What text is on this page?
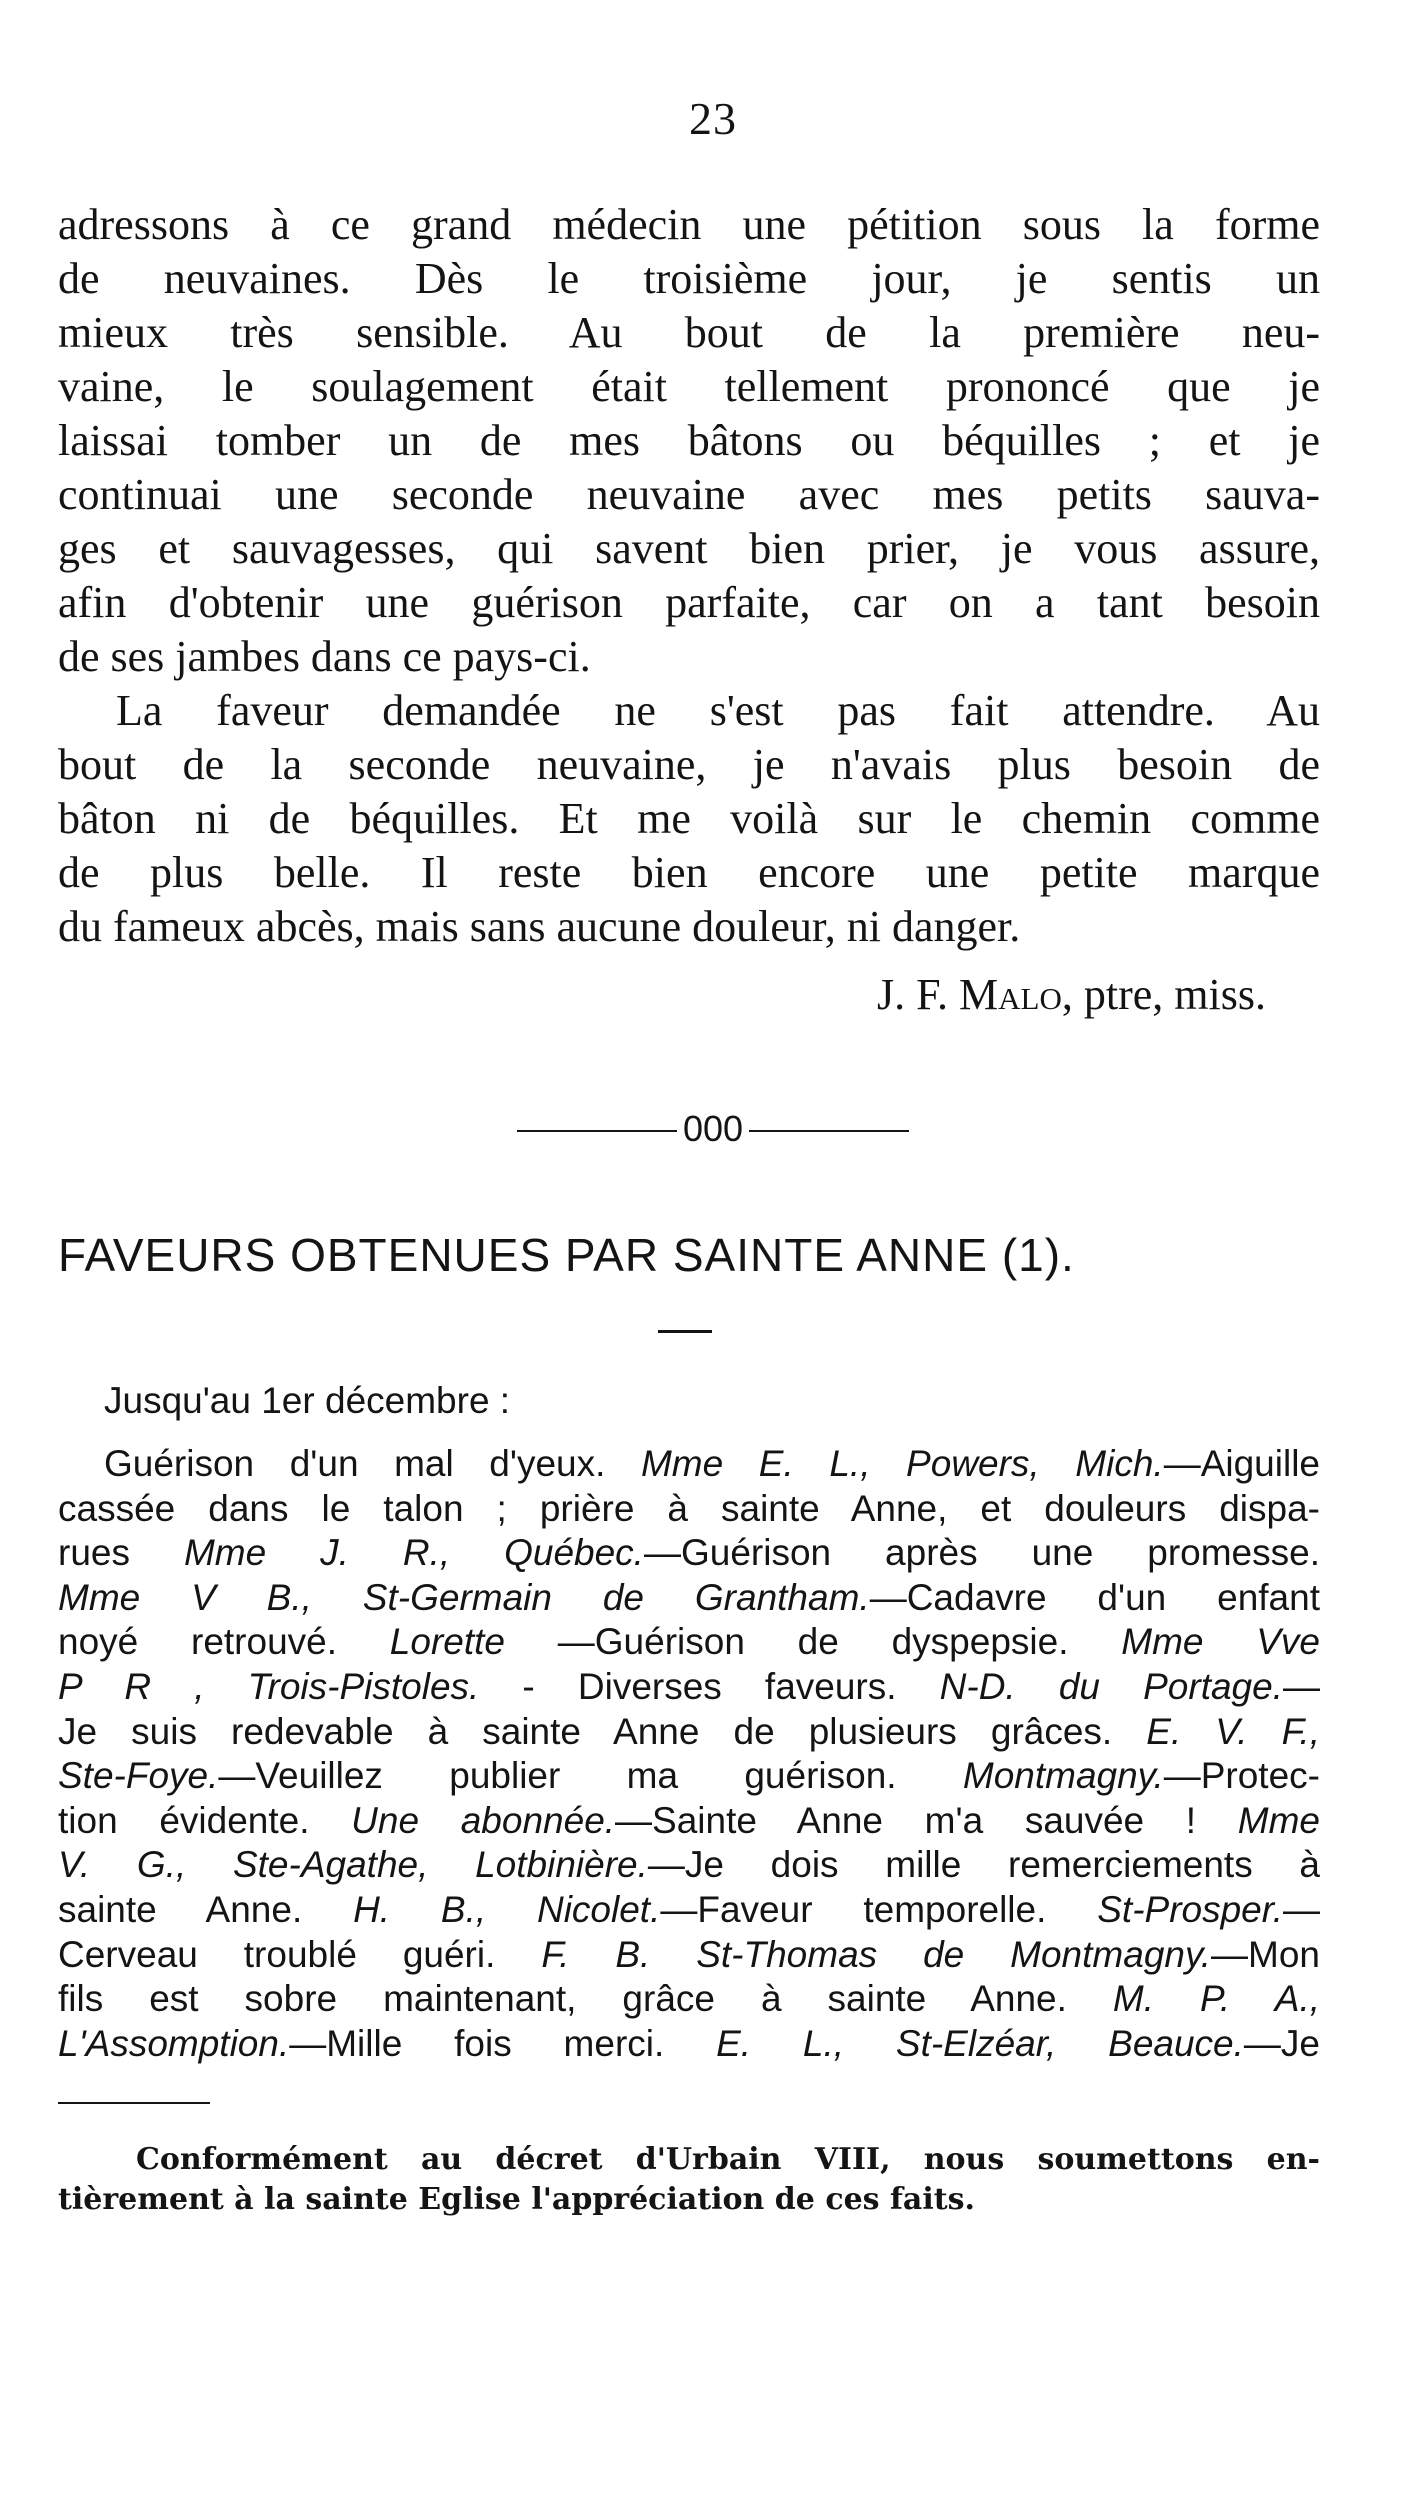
23
adressons à ce grand médecin une pétition sous la forme
de neuvaines. Dès le troisième jour, je sentis un
mieux très sensible. Au bout de la première neu-
vaine, le soulagement était tellement prononcé que je
laissai tomber un de mes bâtons ou béquilles ; et je
continuai une seconde neuvaine avec mes petits sauva-
ges et sauvagesses, qui savent bien prier, je vous assure,
afin d'obtenir une guérison parfaite, car on a tant besoin
de ses jambes dans ce pays-ci.
La faveur demandée ne s'est pas fait attendre. Au
bout de la seconde neuvaine, je n'avais plus besoin de
bâton ni de béquilles. Et me voilà sur le chemin comme
de plus belle. Il reste bien encore une petite marque
du fameux abcès, mais sans aucune douleur, ni danger.
J. F. Malo, ptre, miss.
000
FAVEURS OBTENUES PAR SAINTE ANNE (1).
Jusqu'au 1er décembre :
Guérison d'un mal d'yeux. Mme E. L., Powers, Mich.—Aiguille
cassée dans le talon ; prière à sainte Anne, et douleurs dispa-
rues Mme J. R., Québec.—Guérison après une promesse.
Mme V B., St-Germain de Grantham.—Cadavre d'un enfant
noyé retrouvé. Lorette —Guérison de dyspepsie. Mme Vve
P R , Trois-Pistoles. - Diverses faveurs. N-D. du Portage.—
Je suis redevable à sainte Anne de plusieurs grâces. E. V. F.,
Ste-Foye.—Veuillez publier ma guérison. Montmagny.—Protec-
tion évidente. Une abonnée.—Sainte Anne m'a sauvée ! Mme
V. G., Ste-Agathe, Lotbinière.—Je dois mille remerciements à
sainte Anne. H. B., Nicolet.—Faveur temporelle. St-Prosper.—
Cerveau troublé guéri. F. B. St-Thomas de Montmagny.—Mon
fils est sobre maintenant, grâce à sainte Anne. M. P. A.,
L'Assomption.—Mille fois merci. E. L., St-Elzéar, Beauce.—Je
Conformément au décret d'Urbain VIII, nous soumettons en-
tièrement à la sainte Eglise l'appréciation de ces faits.
